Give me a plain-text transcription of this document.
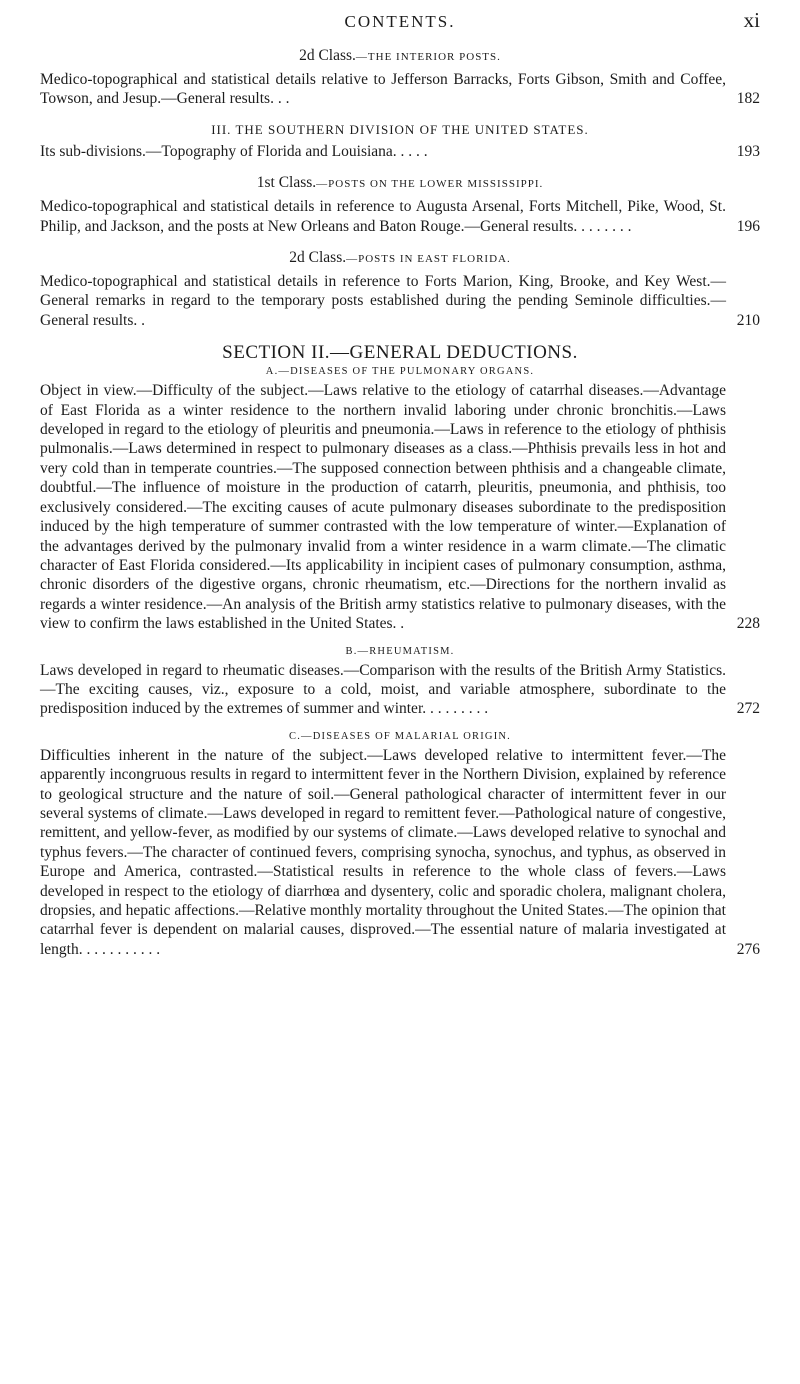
CONTENTS.	xi
2d Class.—THE INTERIOR POSTS.
Medico-topographical and statistical details relative to Jefferson Barracks, Forts Gibson, Smith and Coffee, Towson, and Jesup.—General results. . .	182
III. THE SOUTHERN DIVISION OF THE UNITED STATES.
Its sub-divisions.—Topography of Florida and Louisiana. . . . .	193
1st Class.—POSTS ON THE LOWER MISSISSIPPI.
Medico-topographical and statistical details in reference to Augusta Arsenal, Forts Mitchell, Pike, Wood, St. Philip, and Jackson, and the posts at New Orleans and Baton Rouge.—General results. . . . . . . .	196
2d Class.—POSTS IN EAST FLORIDA.
Medico-topographical and statistical details in reference to Forts Marion, King, Brooke, and Key West.—General remarks in regard to the temporary posts established during the pending Seminole difficulties.—General results. .	210
SECTION II.—GENERAL DEDUCTIONS.
A.—DISEASES OF THE PULMONARY ORGANS.
Object in view.—Difficulty of the subject.—Laws relative to the etiology of catarrhal diseases.—Advantage of East Florida as a winter residence to the northern invalid laboring under chronic bronchitis.—Laws developed in regard to the etiology of pleuritis and pneumonia.—Laws in reference to the etiology of phthisis pulmonalis.—Laws determined in respect to pulmonary diseases as a class.—Phthisis prevails less in hot and very cold than in temperate countries.—The supposed connection between phthisis and a changeable climate, doubtful.—The influence of moisture in the production of catarrh, pleuritis, pneumonia, and phthisis, too exclusively considered.—The exciting causes of acute pulmonary diseases subordinate to the predisposition induced by the high temperature of summer contrasted with the low temperature of winter.—Explanation of the advantages derived by the pulmonary invalid from a winter residence in a warm climate.—The climatic character of East Florida considered.—Its applicability in incipient cases of pulmonary consumption, asthma, chronic disorders of the digestive organs, chronic rheumatism, etc.—Directions for the northern invalid as regards a winter residence.—An analysis of the British army statistics relative to pulmonary diseases, with the view to confirm the laws established in the United States. .	228
B.—RHEUMATISM.
Laws developed in regard to rheumatic diseases.—Comparison with the results of the British Army Statistics.—The exciting causes, viz., exposure to a cold, moist, and variable atmosphere, subordinate to the predisposition induced by the extremes of summer and winter. . . . . . . . .	272
C.—DISEASES OF MALARIAL ORIGIN.
Difficulties inherent in the nature of the subject.—Laws developed relative to intermittent fever.—The apparently incongruous results in regard to intermittent fever in the Northern Division, explained by reference to geological structure and the nature of soil.—General pathological character of intermittent fever in our several systems of climate.—Laws developed in regard to remittent fever.—Pathological nature of congestive, remittent, and yellow-fever, as modified by our systems of climate.—Laws developed relative to synochal and typhus fevers.—The character of continued fevers, comprising synocha, synochus, and typhus, as observed in Europe and America, contrasted.—Statistical results in reference to the whole class of fevers.—Laws developed in respect to the etiology of diarrhœa and dysentery, colic and sporadic cholera, malignant cholera, dropsies, and hepatic affections.—Relative monthly mortality throughout the United States.—The opinion that catarrhal fever is dependent on malarial causes, disproved.—The essential nature of malaria investigated at length. . . . . . . . . . .	276
